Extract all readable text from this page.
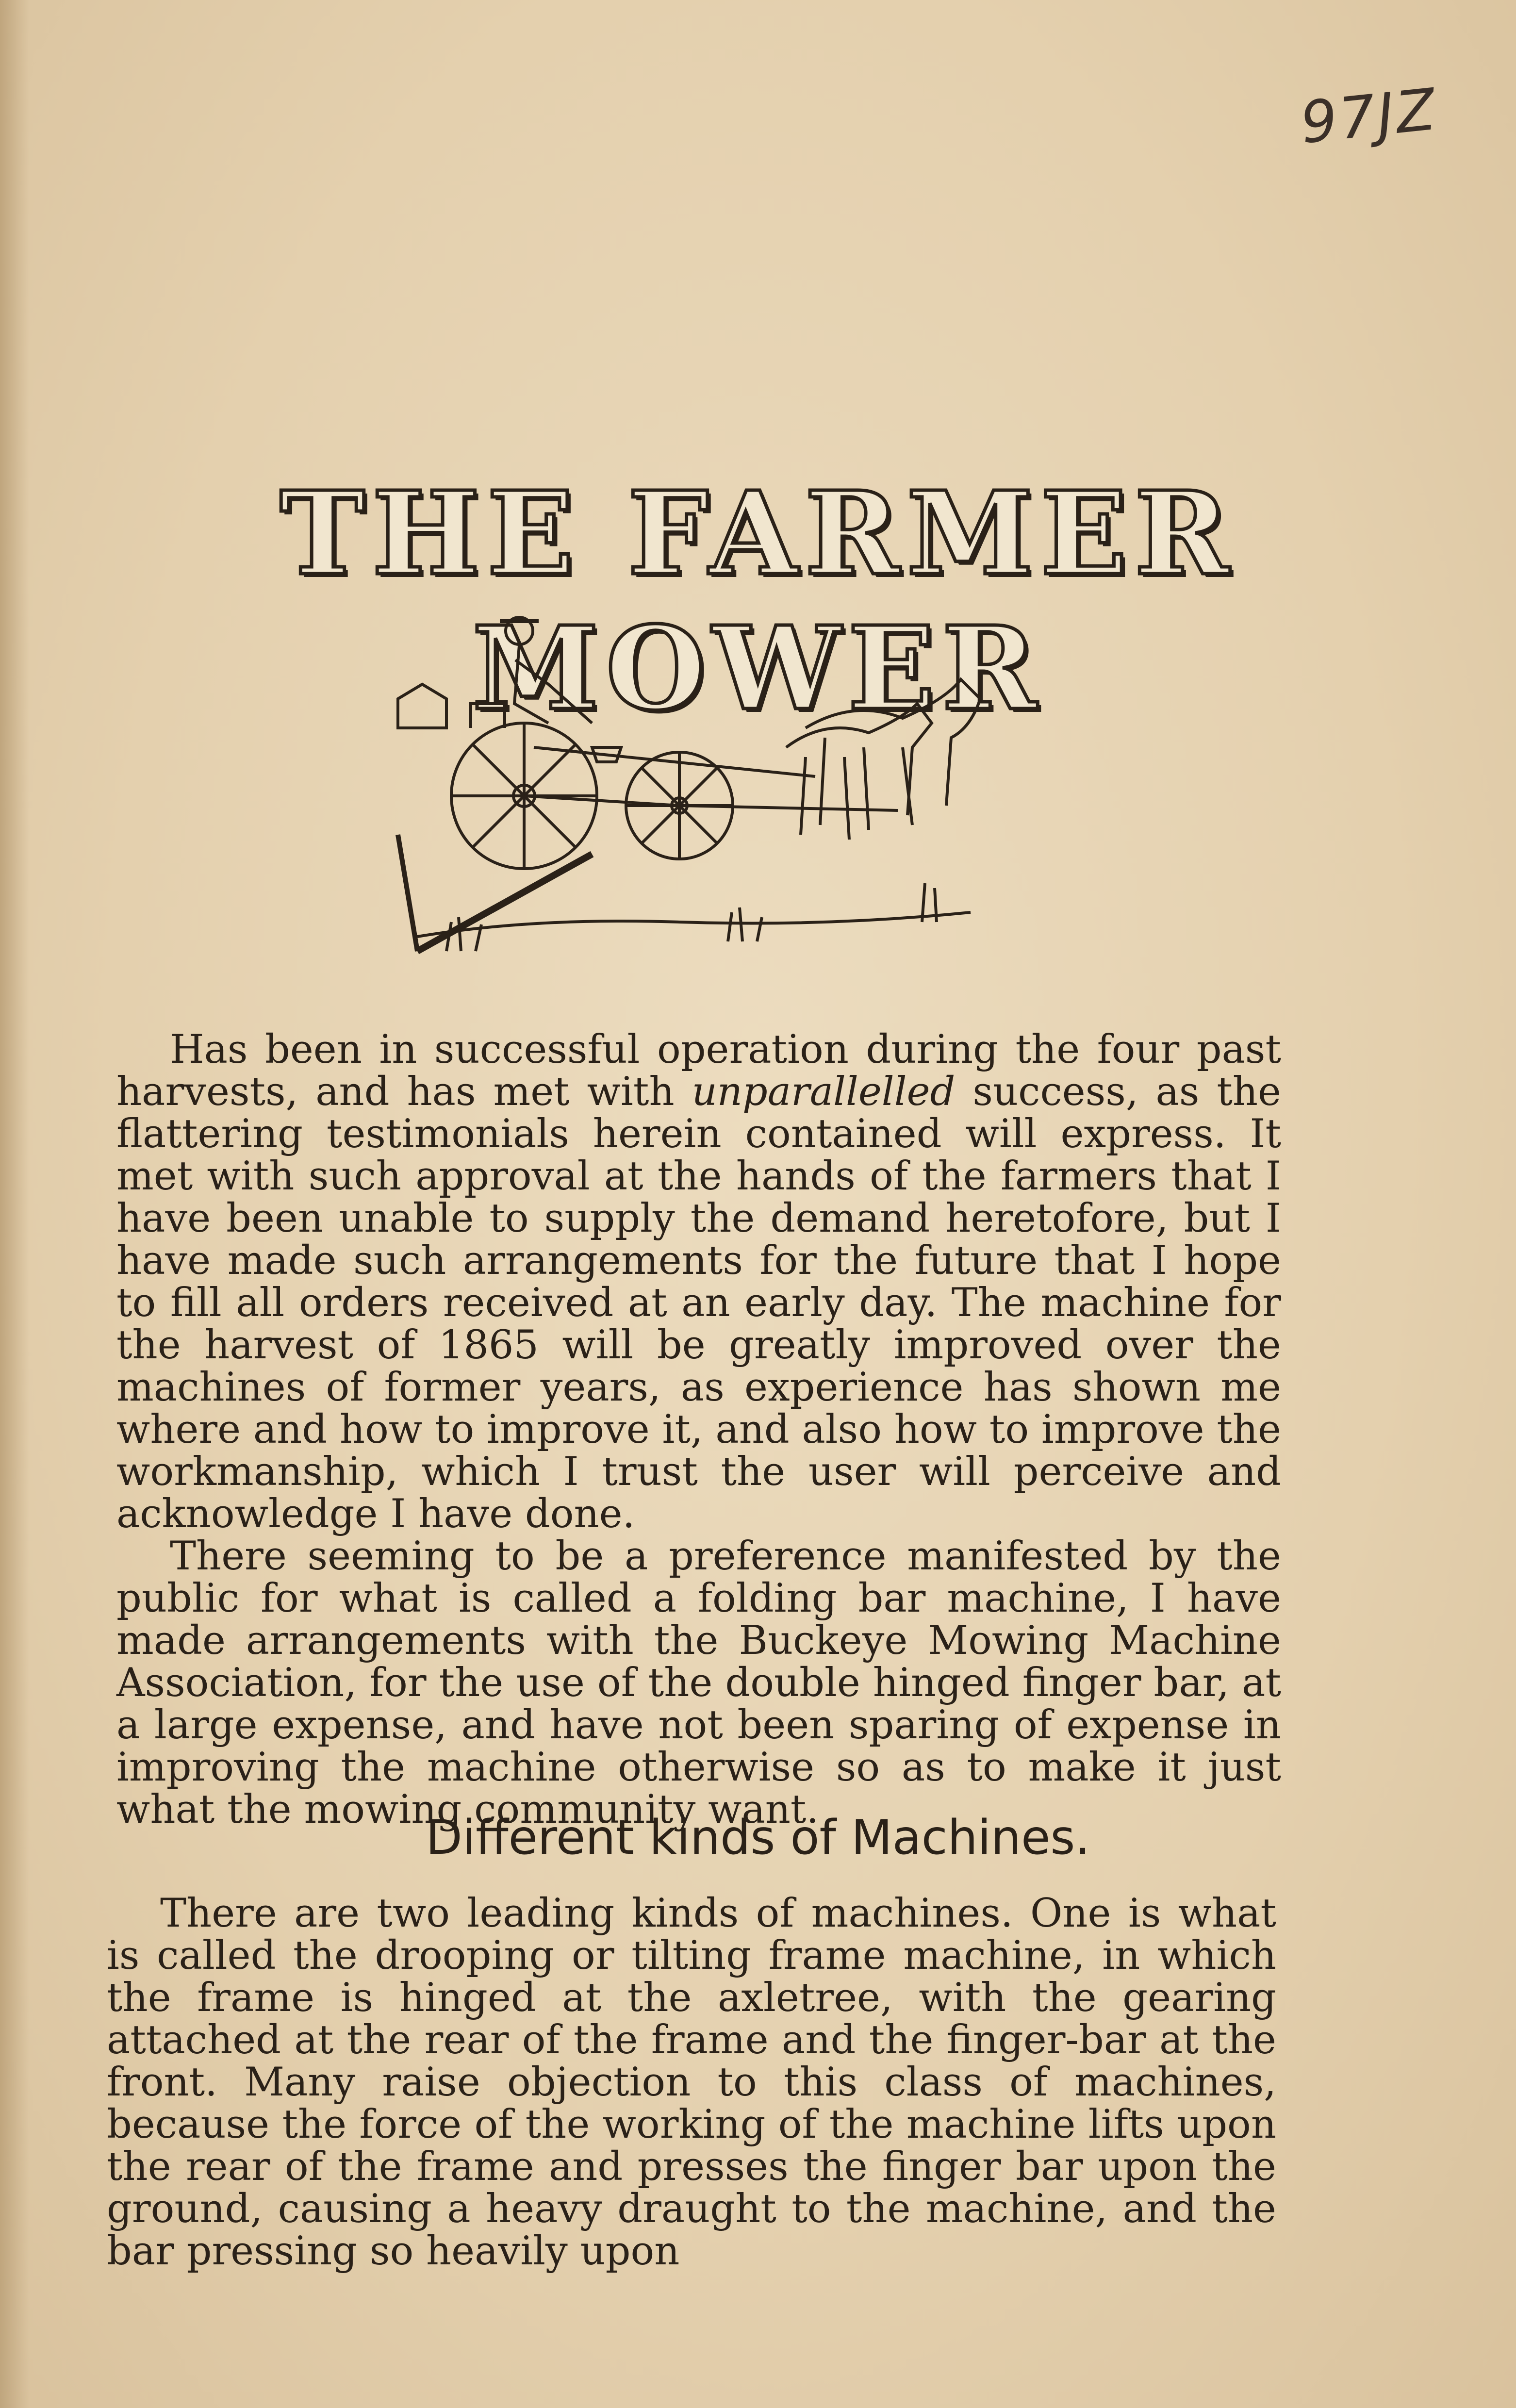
97JZ
THE FARMER MOWER

Has been in successful operation during the four past harvests, and has met with unparallelled success, as the flattering testimonials herein contained will express. It met with such approval at the hands of the farmers that I have been unable to supply the demand heretofore, but I have made such arrangements for the future that I hope to fill all orders received at an early day. The machine for the harvest of 1865 will be greatly improved over the machines of former years, as experience has shown me where and how to improve it, and also how to improve the workmanship, which I trust the user will perceive and acknowledge I have done.

There seeming to be a preference manifested by the public for what is called a folding bar machine, I have made arrangements with the Buckeye Mowing Machine Association, for the use of the double hinged finger bar, at a large expense, and have not been sparing of expense in improving the machine otherwise so as to make it just what the mowing community want.

Different kinds of Machines.

There are two leading kinds of machines. One is what is called the drooping or tilting frame machine, in which the frame is hinged at the axletree, with the gearing attached at the rear of the frame and the finger-bar at the front. Many raise objection to this class of machines, because the force of the working of the machine lifts upon the rear of the frame and presses the finger bar upon the ground, causing a heavy draught to the machine, and the bar pressing so heavily upon
